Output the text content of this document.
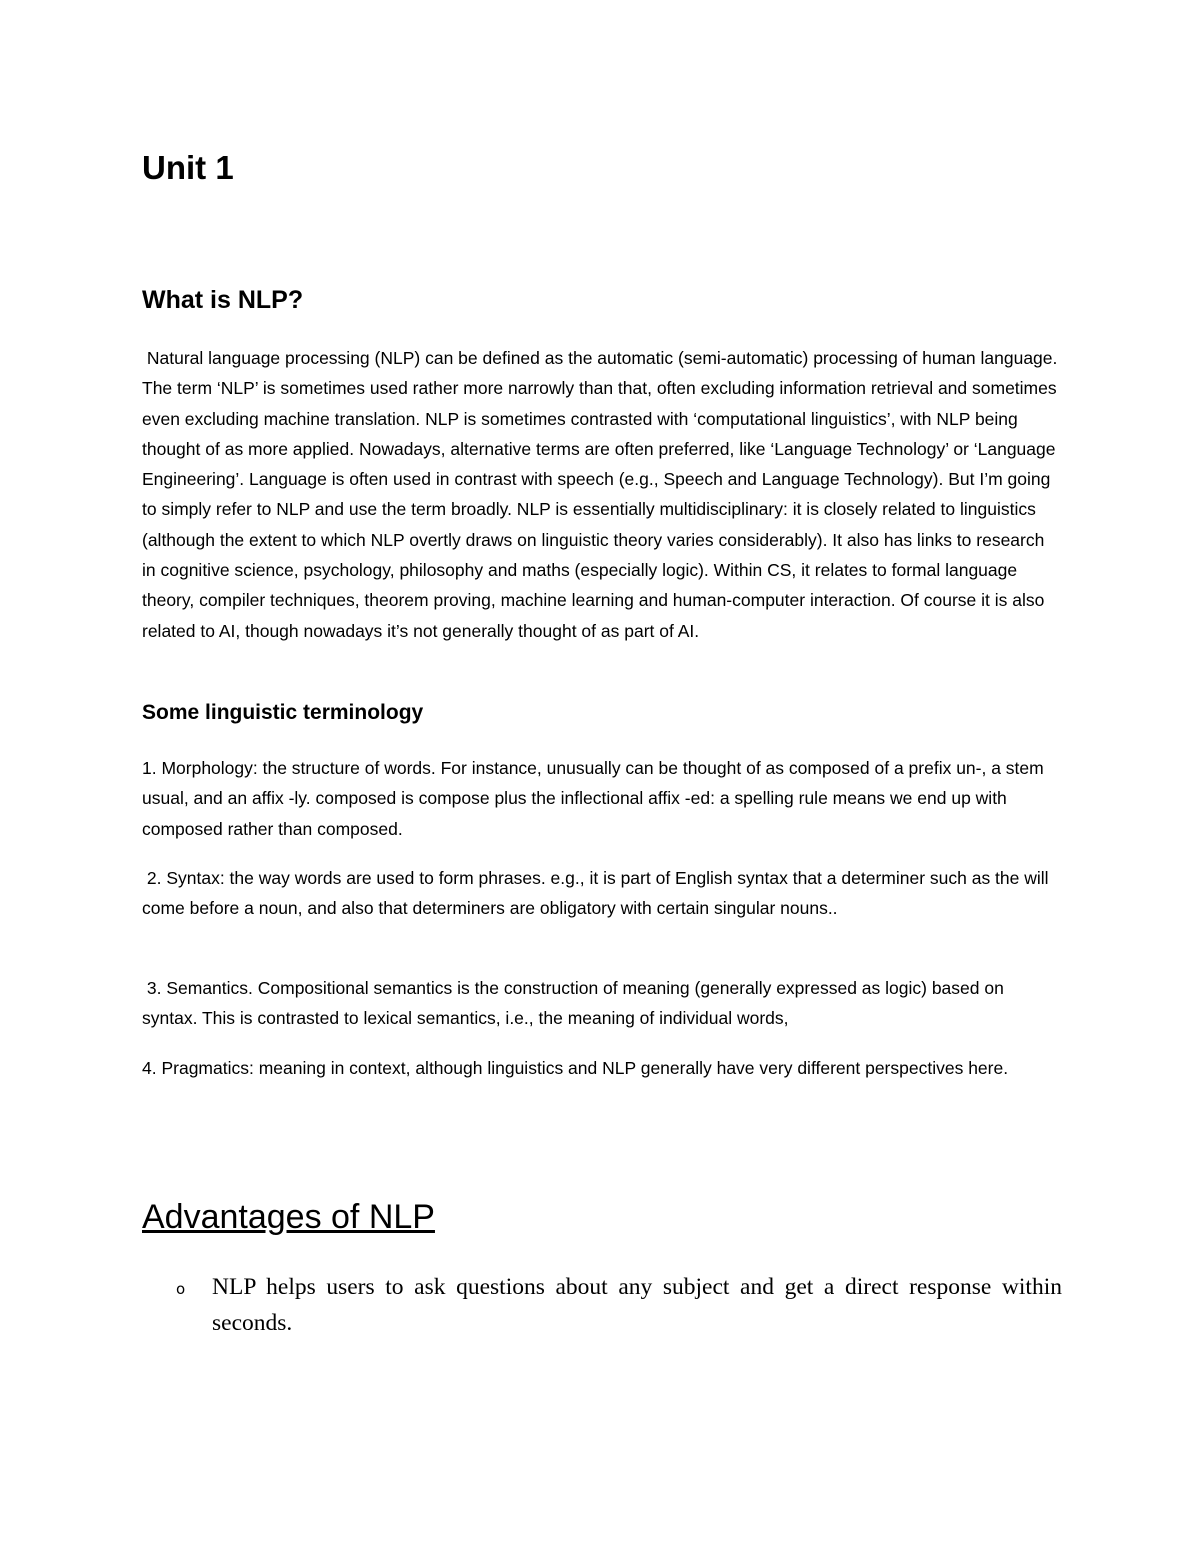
Unit 1
What is NLP?

Natural language processing (NLP) can be defined as the automatic (semi-automatic) processing of human language. The term ‘NLP’ is sometimes used rather more narrowly than that, often excluding information retrieval and sometimes even excluding machine translation. NLP is sometimes contrasted with ‘computational linguistics’, with NLP being thought of as more applied. Nowadays, alternative terms are often preferred, like ‘Language Technology’ or ‘Language Engineering’. Language is often used in contrast with speech (e.g., Speech and Language Technology). But I’m going to simply refer to NLP and use the term broadly. NLP is essentially multidisciplinary: it is closely related to linguistics (although the extent to which NLP overtly draws on linguistic theory varies considerably). It also has links to research in cognitive science, psychology, philosophy and maths (especially logic). Within CS, it relates to formal language theory, compiler techniques, theorem proving, machine learning and human-computer interaction. Of course it is also related to AI, though nowadays it’s not generally thought of as part of AI.

Some linguistic terminology

1. Morphology: the structure of words. For instance, unusually can be thought of as composed of a prefix un-, a stem usual, and an affix -ly. composed is compose plus the inflectional affix -ed: a spelling rule means we end up with composed rather than composed.

2. Syntax: the way words are used to form phrases. e.g., it is part of English syntax that a determiner such as the will come before a noun, and also that determiners are obligatory with certain singular nouns..

3. Semantics. Compositional semantics is the construction of meaning (generally expressed as logic) based on syntax. This is contrasted to lexical semantics, i.e., the meaning of individual words,

4. Pragmatics: meaning in context, although linguistics and NLP generally have very different perspectives here.

Advantages of NLP
o NLP helps users to ask questions about any subject and get a direct response within seconds.
